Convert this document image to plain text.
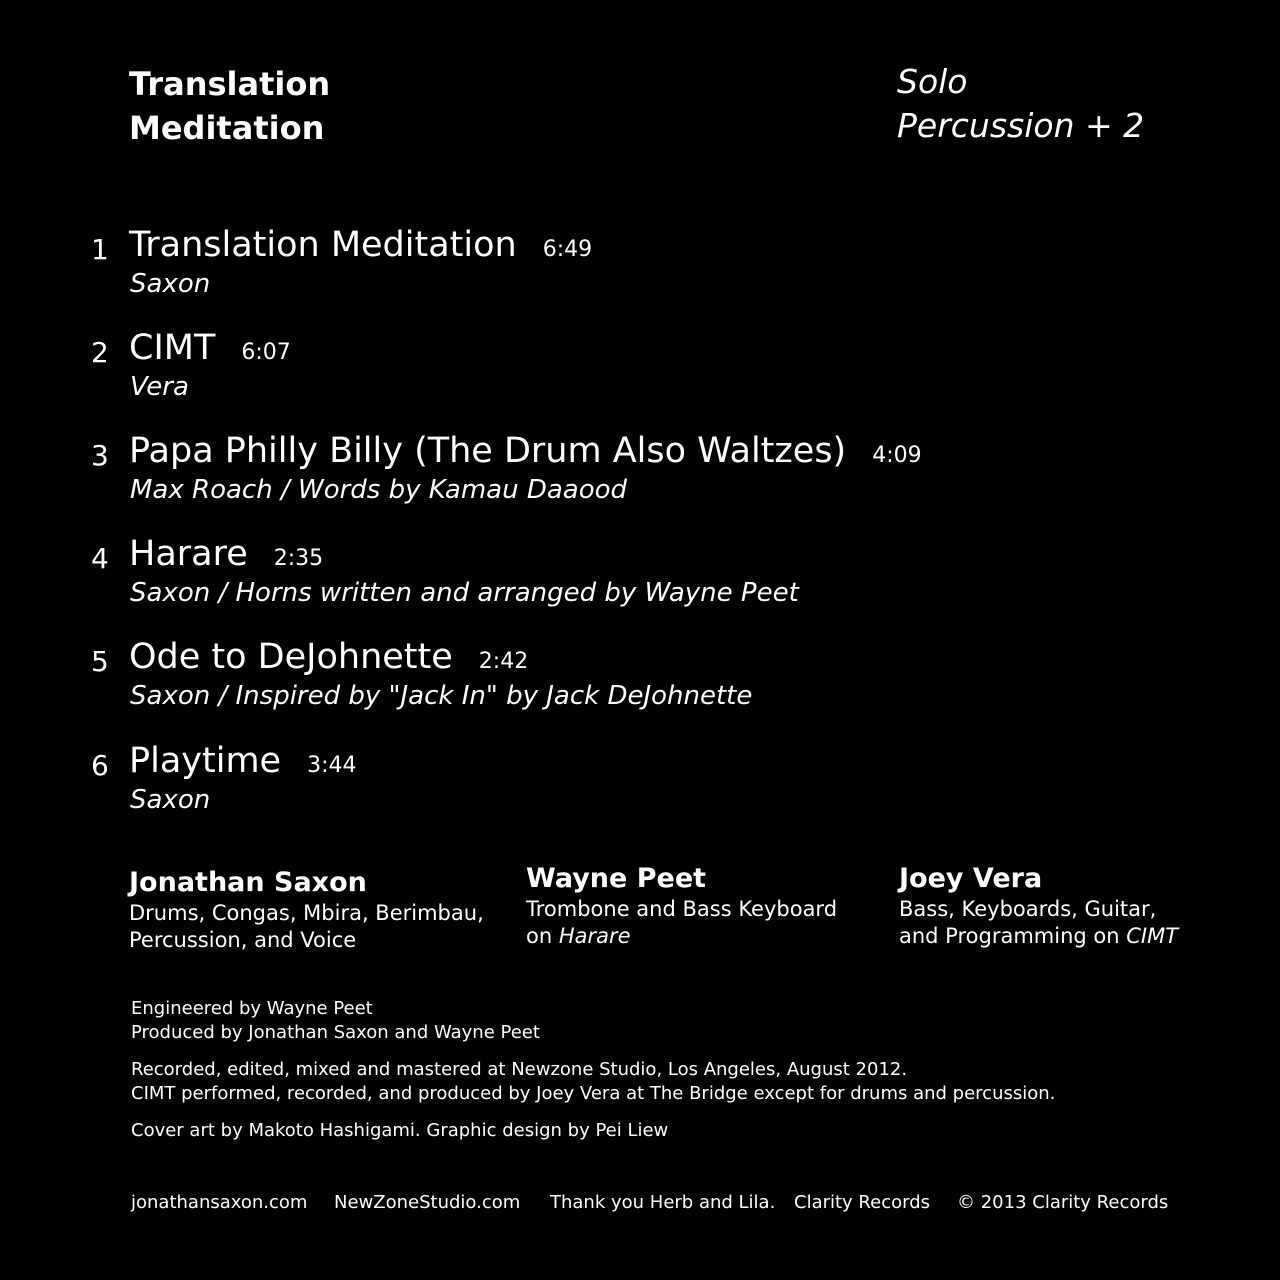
Translation
Meditation
Solo
Percussion + 2
1 Translation Meditation 6:49
Saxon
2 CIMT 6:07
Vera
3 Papa Philly Billy (The Drum Also Waltzes) 4:09
Max Roach / Words by Kamau Daaood
4 Harare 2:35
Saxon / Horns written and arranged by Wayne Peet
5 Ode to DeJohnette 2:42
Saxon / Inspired by "Jack In" by Jack DeJohnette
6 Playtime 3:44
Saxon
Jonathan Saxon
Drums, Congas, Mbira, Berimbau,
Percussion, and Voice
Wayne Peet
Trombone and Bass Keyboard
on Harare
Joey Vera
Bass, Keyboards, Guitar,
and Programming on CIMT
Engineered by Wayne Peet
Produced by Jonathan Saxon and Wayne Peet
Recorded, edited, mixed and mastered at Newzone Studio, Los Angeles, August 2012.
CIMT performed, recorded, and produced by Joey Vera at The Bridge except for drums and percussion.
Cover art by Makoto Hashigami. Graphic design by Pei Liew
jonathansaxon.com NewZoneStudio.com Thank you Herb and Lila. Clarity Records © 2013 Clarity Records
